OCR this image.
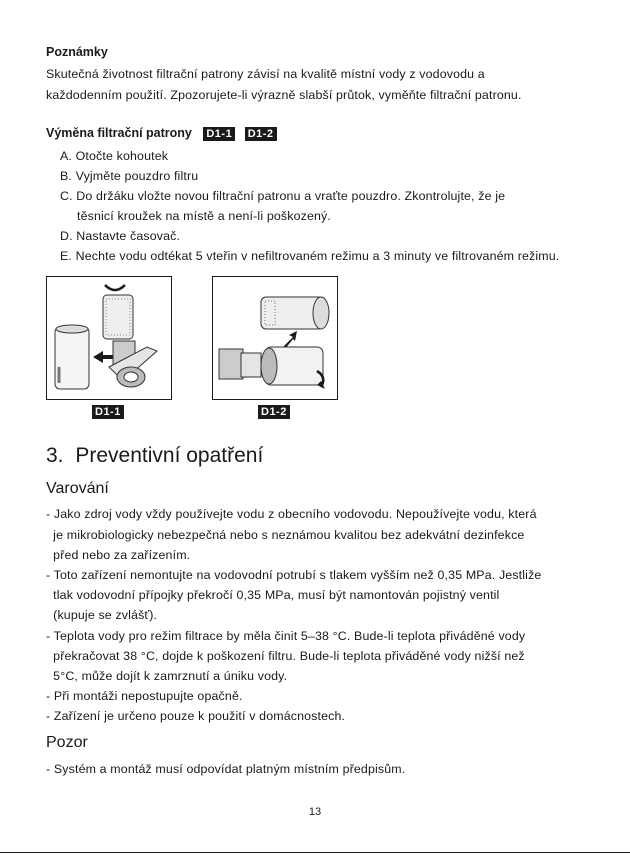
Poznámky
Skutečná životnost filtrační patrony závisí na kvalitě místní vody z vodovodu a
každodenním použití. Zpozorujete-li výrazně slabší průtok, vyměňte filtrační patronu.
Výměna filtrační patrony D1-1 D1-2
A. Otočte kohoutek
B. Vyjměte pouzdro filtru
C. Do držáku vložte novou filtrační patronu a vraťte pouzdro. Zkontrolujte, že je
těsnicí kroužek na místě a není-li poškozený.
D. Nastavte časovač.
E. Nechte vodu odtékat 5 vteřin v nefiltrovaném režimu a 3 minuty ve filtrovaném režimu.
D1-1	D1-2
3. Preventivní opatření
Varování
- Jako zdroj vody vždy používejte vodu z obecního vodovodu. Nepoužívejte vodu, která
je mikrobiologicky nebezpečná nebo s neznámou kvalitou bez adekvátní dezinfekce
před nebo za zařízením.
- Toto zařízení nemontujte na vodovodní potrubí s tlakem vyšším než 0,35 MPa. Jestliže
tlak vodovodní přípojky překročí 0,35 MPa, musí být namontován pojistný ventil
(kupuje se zvlášť).
- Teplota vody pro režim filtrace by měla činit 5–38 °C. Bude-li teplota přiváděné vody
překračovat 38 °C, dojde k poškození filtru. Bude-li teplota přiváděné vody nižší než
5°C, může dojít k zamrznutí a úniku vody.
- Při montáži nepostupujte opačně.
- Zařízení je určeno pouze k použití v domácnostech.
Pozor
- Systém a montáž musí odpovídat platným místním předpisům.
13
